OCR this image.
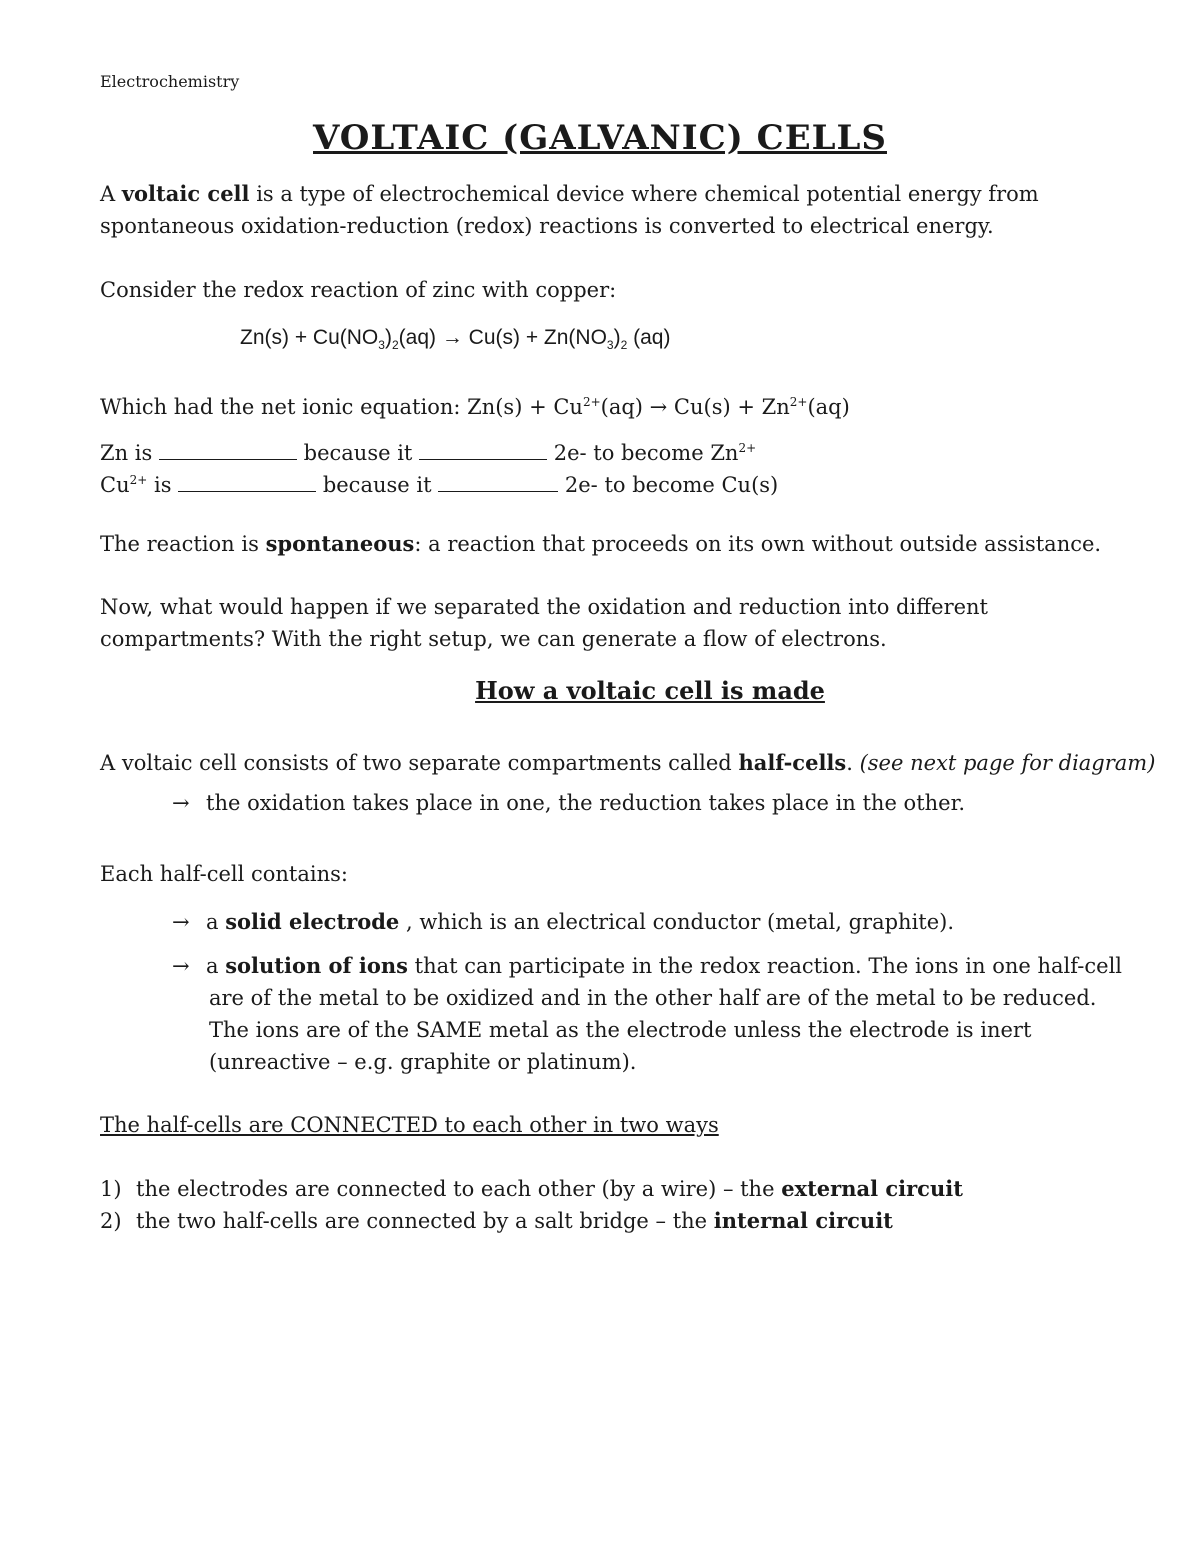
Electrochemistry
VOLTAIC (GALVANIC) CELLS
A voltaic cell is a type of electrochemical device where chemical potential energy from
spontaneous oxidation-reduction (redox) reactions is converted to electrical energy.
Consider the redox reaction of zinc with copper:
$Zn(s) + Cu(NO_3)_2(aq) \to Cu(s) + Zn(NO_3)_2$ (aq)
Which had the net ionic equation: $Zn(s) + Cu^{2+}(aq) \to Cu(s) + Zn^{2+}(aq)$
Zn is	because it	2e- to become $Zn^{2+}$
$Cu^{2+}$ is	because it	2e- to become Cu(s)
The reaction is spontaneous: a reaction that proceeds on its own without outside assistance.
Now, what would happen if we separated the oxidation and reduction into different
compartments? With the right setup, we can generate a flow of electrons.
How a voltaic cell is made
A voltaic cell consists of two separate compartments called half-cells. (see next page for diagram)
→ the oxidation takes place in one, the reduction takes place in the other.
Each half-cell contains:
→ a solid electrode , which is an electrical conductor (metal, graphite).
→ a solution of ions that can participate in the redox reaction. The ions in one half-cell
are of the metal to be oxidized and in the other half are of the metal to be reduced.
The ions are of the SAME metal as the electrode unless the electrode is inert
(unreactive – e.g. graphite or platinum).
The half-cells are CONNECTED to each other in two ways
1) the electrodes are connected to each other (by a wire) – the external circuit
2) the two half-cells are connected by a salt bridge – the internal circuit
